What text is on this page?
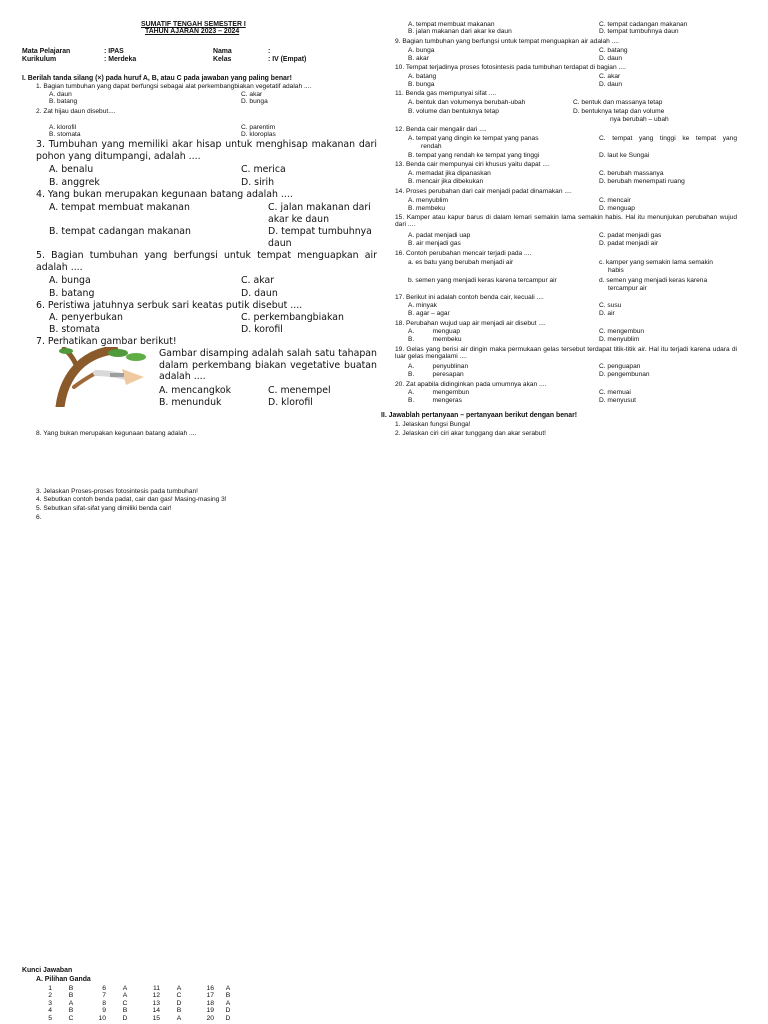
SUMATIF TENGAH SEMESTER I
TAHUN AJARAN 2023 – 2024
Mata Pelajaran	: IPAS	Nama	:
Kurikulum	: Merdeka	Kelas	: IV (Empat)
I. Berilah tanda silang (×) pada huruf A, B, atau C pada jawaban yang paling benar!
1. Bagian tumbuhan yang dapat berfungsi sebagai alat perkembangbiakan vegetatif adalah ....
A. daun	C. akar
B. batang	D. bunga
2. Zat hijau daun disebut....
A. klorofil	C. parentim
B. stomata	D. kloroplas
3. Tumbuhan yang memiliki akar hisap untuk menghisap makanan dari pohon yang ditumpangi, adalah ....
A. benalu	C. merica
B. anggrek	D. sirih
4. Yang bukan merupakan kegunaan batang adalah ....
A. tempat membuat makanan	C. jalan makanan dari akar ke daun
B. tempat cadangan makanan	D. tempat tumbuhnya daun
5. Bagian tumbuhan yang berfungsi untuk tempat menguapkan air adalah ....
A. bunga	C. akar
B. batang	D. daun
6. Peristiwa jatuhnya serbuk sari keatas putik disebut ....
A. penyerbukan	C. perkembangbiakan
B. stomata	D. korofil
7. Perhatikan gambar berikut!
Gambar disamping adalah salah satu tahapan dalam perkembang biakan vegetative buatan adalah ....
A. mencangkok	C. menempel
B. menunduk	D. klorofil
8. Yang bukan merupakan kegunaan batang adalah ....
3. Jelaskan Proses-proses fotosintesis pada tumbuhan!
4. Sebutkan contoh benda padat, cair dan gas! Masing-masing 3!
5. Sebutkan sifat-sifat yang dimiliki benda cair!
6.
Kunci Jawaban
A. Pilihan Ganda
1	B	6	A	11	A	16	A
2	B	7	A	12	C	17	B
3	A	8	C	13	D	18	A
4	B	9	B	14	B	19	D
5	C	10	D	15	A	20	D
A. tempat membuat makanan	C. tempat cadangan makanan
B. jalan makanan dari akar ke daun	D. tempat tumbuhnya daun
9. Bagian tumbuhan yang berfungsi untuk tempat menguapkan air adalah ....
A. bunga	C. batang
B. akar	D. daun
10. Tempat terjadinya proses fotosintesis pada tumbuhan terdapat di bagian ....
A. batang	C. akar
B. bunga	D. daun
11. Benda gas mempunyai sifat ....
A. bentuk dan volumenya berubah-ubah	C. bentuk dan massanya tetap
B. volume dan bentuknya tetap	D. bentuknya tetap dan volume
nya berubah – ubah
12. Benda cair mengalir dari ....
A. tempat yang dingin ke tempat yang panas	C. tempat yang tinggi ke tempat yang
rendah
B. tempat yang rendah ke tempat yang tinggi	D. laut ke Sungai
13. Benda cair mempunyai ciri khusus yaitu dapat ....
A. memadat jika dipanaskan	C. berubah massanya
B. mencair jika dibekukan	D. berubah menempati ruang
14. Proses perubahan dari cair menjadi padat dinamakan ....
A. menyublim	C. mencair
B. membeku	D. menguap
15. Kamper atau kapur barus di dalam lemari semakin lama semakin habis. Hal itu menunjukan perubahan wujud dari ....
A. padat menjadi uap	C. padat menjadi gas
B. air menjadi gas	D. padat menjadi air
16. Contoh perubahan mencair terjadi pada ....
a. es batu yang berubah menjadi air	c. kamper yang semakin lama semakin
habis
b. semen yang menjadi keras karena tercampur air	d. semen yang menjadi keras karena
tercampur air
17. Berikut ini adalah contoh benda cair, kecuali ....
A. minyak	C. susu
B. agar – agar	D. air
18. Perubahan wujud uap air menjadi air disebut ....
A.          menguap	C. mengembun
B.          membeku	D. menyublim
19. Gelas yang berisi air dingin maka permukaan gelas tersebut terdapat titik-titik air. Hal itu terjadi karena udara di luar gelas mengalami ....
A.          penyublinan	C. penguapan
B.          peresapan	D. pengembunan
20. Zat apabila didinginkan pada umumnya akan ....
A.          mengembun	C. memuai
B.          mengeras	D. menyusut
II. Jawablah pertanyaan – pertanyaan berikut dengan benar!
1. Jelaskan fungsi Bunga!
2. Jelaskan ciri ciri akar tunggang dan akar serabut!
